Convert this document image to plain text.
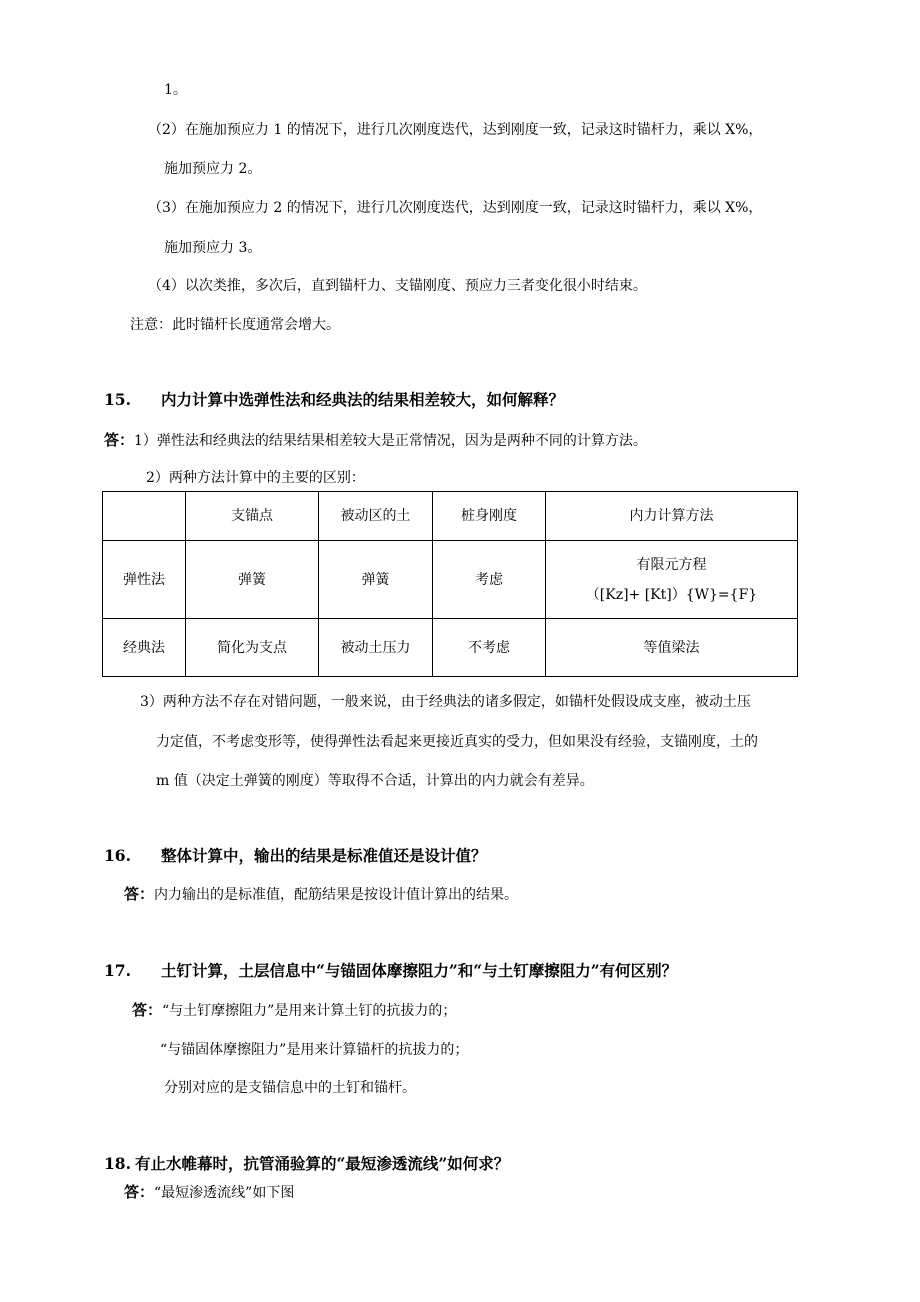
1。
（2）在施加预应力 1 的情况下，进行几次刚度迭代，达到刚度一致，记录这时锚杆力，乘以 X%，
施加预应力 2。
（3）在施加预应力 2 的情况下，进行几次刚度迭代，达到刚度一致，记录这时锚杆力，乘以 X%，
施加预应力 3。
（4）以次类推，多次后，直到锚杆力、支锚刚度、预应力三者变化很小时结束。
注意：此时锚杆长度通常会增大。
15. 内力计算中选弹性法和经典法的结果相差较大，如何解释？
答：1）弹性法和经典法的结果结果相差较大是正常情况，因为是两种不同的计算方法。
2）两种方法计算中的主要的区别：
	支锚点	被动区的土	桩身刚度	内力计算方法
弹性法	弹簧	弹簧	考虑	有限元方程
（[Kz]+ [Kt]）{W}={F}
经典法	简化为支点	被动土压力	不考虑	等值梁法
3）两种方法不存在对错问题，一般来说，由于经典法的诸多假定，如锚杆处假设成支座，被动土压
力定值，不考虑变形等，使得弹性法看起来更接近真实的受力，但如果没有经验，支锚刚度，土的
m 值（决定土弹簧的刚度）等取得不合适，计算出的内力就会有差异。
16. 整体计算中，输出的结果是标准值还是设计值？
答：内力输出的是标准值，配筋结果是按设计值计算出的结果。
17. 土钉计算，土层信息中“与锚固体摩擦阻力”和“与土钉摩擦阻力”有何区别？
答：“与土钉摩擦阻力”是用来计算土钉的抗拔力的；
“与锚固体摩擦阻力”是用来计算锚杆的抗拔力的；
分别对应的是支锚信息中的土钉和锚杆。
18. 有止水帷幕时，抗管涌验算的“最短渗透流线”如何求？
答：“最短渗透流线”如下图
